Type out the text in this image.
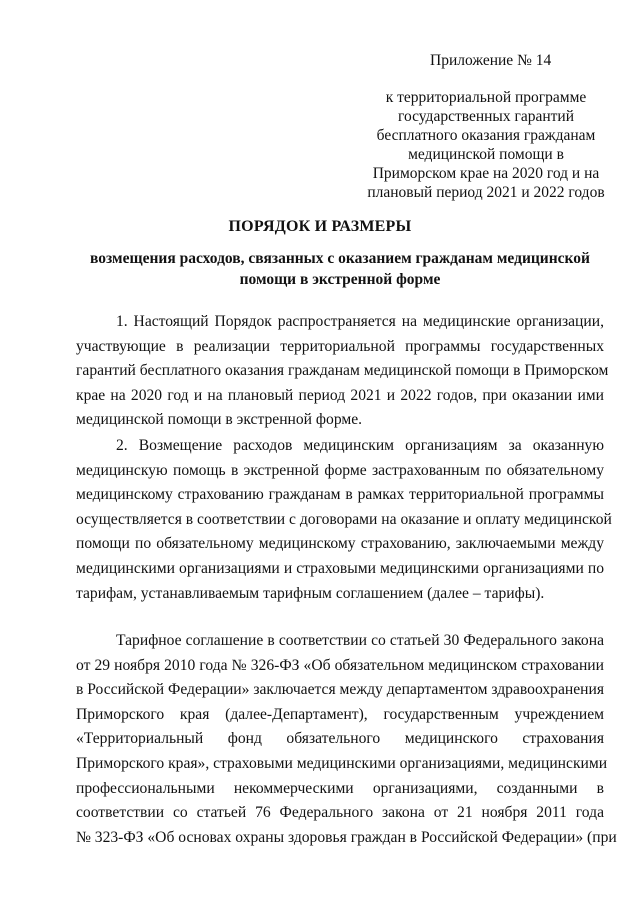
Приложение № 14
к территориальной программе
государственных гарантий
бесплатного оказания гражданам
медицинской помощи в
Приморском крае на 2020 год и на
плановый период 2021 и 2022 годов
ПОРЯДОК И РАЗМЕРЫ
возмещения расходов, связанных с оказанием гражданам медицинской
помощи в экстренной форме
1. Настоящий Порядок распространяется на медицинские организации,
участвующие в реализации территориальной программы государственных
гарантий бесплатного оказания гражданам медицинской помощи в Приморском
крае на 2020 год и на плановый период 2021 и 2022 годов, при оказании ими
медицинской помощи в экстренной форме.
2. Возмещение расходов медицинским организациям за оказанную
медицинскую помощь в экстренной форме застрахованным по обязательному
медицинскому страхованию гражданам в рамках территориальной программы
осуществляется в соответствии с договорами на оказание и оплату медицинской
помощи по обязательному медицинскому страхованию, заключаемыми между
медицинскими организациями и страховыми медицинскими организациями по
тарифам, устанавливаемым тарифным соглашением (далее – тарифы).
Тарифное соглашение в соответствии со статьей 30 Федерального закона
от 29 ноября 2010 года № 326-ФЗ «Об обязательном медицинском страховании
в Российской Федерации» заключается между департаментом здравоохранения
Приморского края (далее-Департамент), государственным учреждением
«Территориальный фонд обязательного медицинского страхования
Приморского края», страховыми медицинскими организациями, медицинскими
профессиональными некоммерческими организациями, созданными в
соответствии со статьей 76 Федерального закона от 21 ноября 2011 года
№ 323-ФЗ «Об основах охраны здоровья граждан в Российской Федерации» (при
